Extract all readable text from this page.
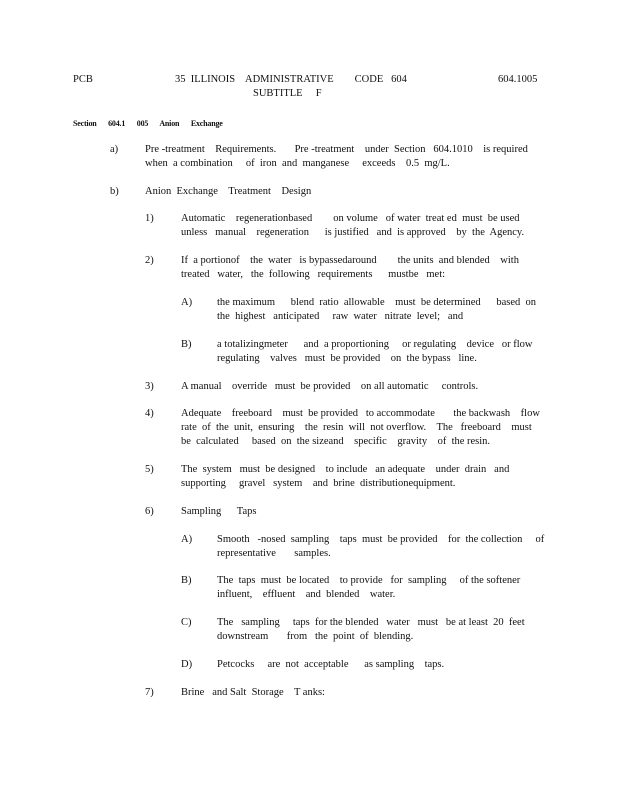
PCB	35  ILLINOIS    ADMINISTRATIVE        CODE   604
SUBTITLE     F
604.1005
Section 604.1 005 Anion Exchange
a)	Pre -treatment    Requirements.       Pre -treatment    under  Section   604.1010    is required
when  a combination     of  iron  and  manganese     exceeds    0.5  mg/L.
b)	Anion  Exchange    Treatment    Design
1)	Automatic    regenerationbased        on volume   of water  treat ed  must  be used
unless   manual    regeneration      is justified   and  is approved    by  the  Agency.
2)	If  a portionof    the  water   is bypassedaround        the units  and blended    with
treated   water,   the  following   requirements      mustbe   met:
A) the maximum      blend  ratio  allowable    must  be determined      based  on
the  highest   anticipated     raw  water   nitrate  level;   and
B) a totalizingmeter      and  a proportioning     or regulating    device   or flow
regulating    valves   must  be provided    on  the bypass   line.
3)	A manual    override   must  be provided    on all automatic     controls.
4)	Adequate    freeboard    must  be provided   to accommodate       the backwash    flow
rate  of  the  unit,  ensuring    the  resin  will  not overflow.    The   freeboard    must
be  calculated     based  on  the sizeand    specific    gravity    of  the resin.
5)	The  system   must  be designed    to include   an adequate    under  drain   and
supporting     gravel   system    and  brine  distributionequipment.
6)	Sampling      Taps
A) Smooth   -nosed  sampling    taps  must  be provided    for  the collection     of
representative       samples.
B) The  taps  must  be located    to provide   for  sampling     of the softener
influent,    effluent    and  blended    water.
C) The   sampling     taps  for the blended   water   must   be at least  20  feet
downstream       from   the  point  of  blending.
D) Petcocks     are  not  acceptable      as sampling    taps.
7)	Brine   and Salt  Storage    T anks:
